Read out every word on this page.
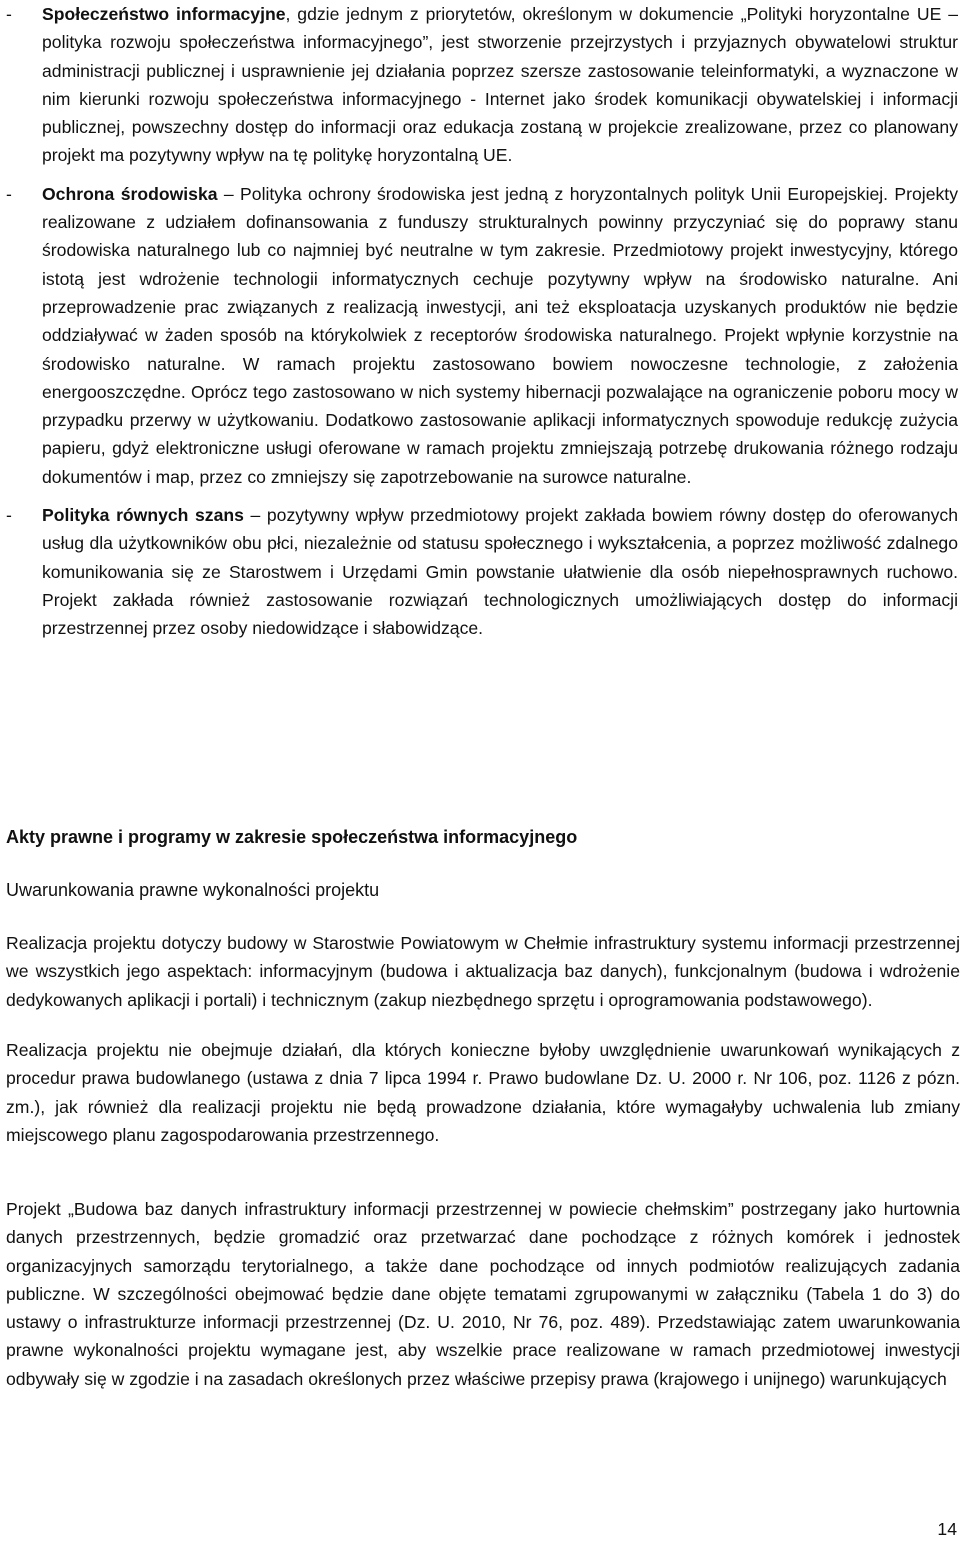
- Społeczeństwo informacyjne, gdzie jednym z priorytetów, określonym w dokumencie „Polityki horyzontalne UE – polityka rozwoju społeczeństwa informacyjnego”, jest stworzenie przejrzystych i przyjaznych obywatelowi struktur administracji publicznej i usprawnienie jej działania poprzez szersze zastosowanie teleinformatyki, a wyznaczone w nim kierunki rozwoju społeczeństwa informacyjnego - Internet jako środek komunikacji obywatelskiej i informacji publicznej, powszechny dostęp do informacji oraz edukacja zostaną w projekcie zrealizowane, przez co planowany projekt ma pozytywny wpływ na tę politykę horyzontalną UE.
- Ochrona środowiska – Polityka ochrony środowiska jest jedną z horyzontalnych polityk Unii Europejskiej. Projekty realizowane z udziałem dofinansowania z funduszy strukturalnych powinny przyczyniać się do poprawy stanu środowiska naturalnego lub co najmniej być neutralne w tym zakresie. Przedmiotowy projekt inwestycyjny, którego istotą jest wdrożenie technologii informatycznych cechuje pozytywny wpływ na środowisko naturalne. Ani przeprowadzenie prac związanych z realizacją inwestycji, ani też eksploatacja uzyskanych produktów nie będzie oddziaływać w żaden sposób na którykolwiek z receptorów środowiska naturalnego. Projekt wpłynie korzystnie na środowisko naturalne. W ramach projektu zastosowano bowiem nowoczesne technologie, z założenia energooszczędne. Oprócz tego zastosowano w nich systemy hibernacji pozwalające na ograniczenie poboru mocy w przypadku przerwy w użytkowaniu. Dodatkowo zastosowanie aplikacji informatycznych spowoduje redukcję zużycia papieru, gdyż elektroniczne usługi oferowane w ramach projektu zmniejszają potrzebę drukowania różnego rodzaju dokumentów i map, przez co zmniejszy się zapotrzebowanie na surowce naturalne.
- Polityka równych szans – pozytywny wpływ przedmiotowy projekt zakłada bowiem równy dostęp do oferowanych usług dla użytkowników obu płci, niezależnie od statusu społecznego i wykształcenia, a poprzez możliwość zdalnego komunikowania się ze Starostwem i Urzędami Gmin powstanie ułatwienie dla osób niepełnosprawnych ruchowo. Projekt zakłada również zastosowanie rozwiązań technologicznych umożliwiających dostęp do informacji przestrzennej przez osoby niedowidzące i słabowidzące.

Akty prawne i programy w zakresie społeczeństwa informacyjnego

Uwarunkowania prawne wykonalności projektu

Realizacja projektu dotyczy budowy w Starostwie Powiatowym w Chełmie infrastruktury systemu informacji przestrzennej we wszystkich jego aspektach: informacyjnym (budowa i aktualizacja baz danych), funkcjonalnym (budowa i wdrożenie dedykowanych aplikacji i portali) i technicznym (zakup niezbędnego sprzętu i oprogramowania podstawowego).

Realizacja projektu nie obejmuje działań, dla których konieczne byłoby uwzględnienie uwarunkowań wynikających z procedur prawa budowlanego (ustawa z dnia 7 lipca 1994 r. Prawo budowlane Dz. U. 2000 r. Nr 106, poz. 1126 z pózn. zm.), jak również dla realizacji projektu nie będą prowadzone działania, które wymagałyby uchwalenia lub zmiany miejscowego planu zagospodarowania przestrzennego.

Projekt „Budowa baz danych infrastruktury informacji przestrzennej w powiecie chełmskim” postrzegany jako hurtownia danych przestrzennych, będzie gromadzić oraz przetwarzać dane pochodzące z różnych komórek i jednostek organizacyjnych samorządu terytorialnego, a także dane pochodzące od innych podmiotów realizujących zadania publiczne. W szczególności obejmować będzie dane objęte tematami zgrupowanymi w załączniku (Tabela 1 do 3) do ustawy o infrastrukturze informacji przestrzennej (Dz. U. 2010, Nr 76, poz. 489). Przedstawiając zatem uwarunkowania prawne wykonalności projektu wymagane jest, aby wszelkie prace realizowane w ramach przedmiotowej inwestycji odbywały się w zgodzie i na zasadach określonych przez właściwe przepisy prawa (krajowego i unijnego) warunkujących

14
